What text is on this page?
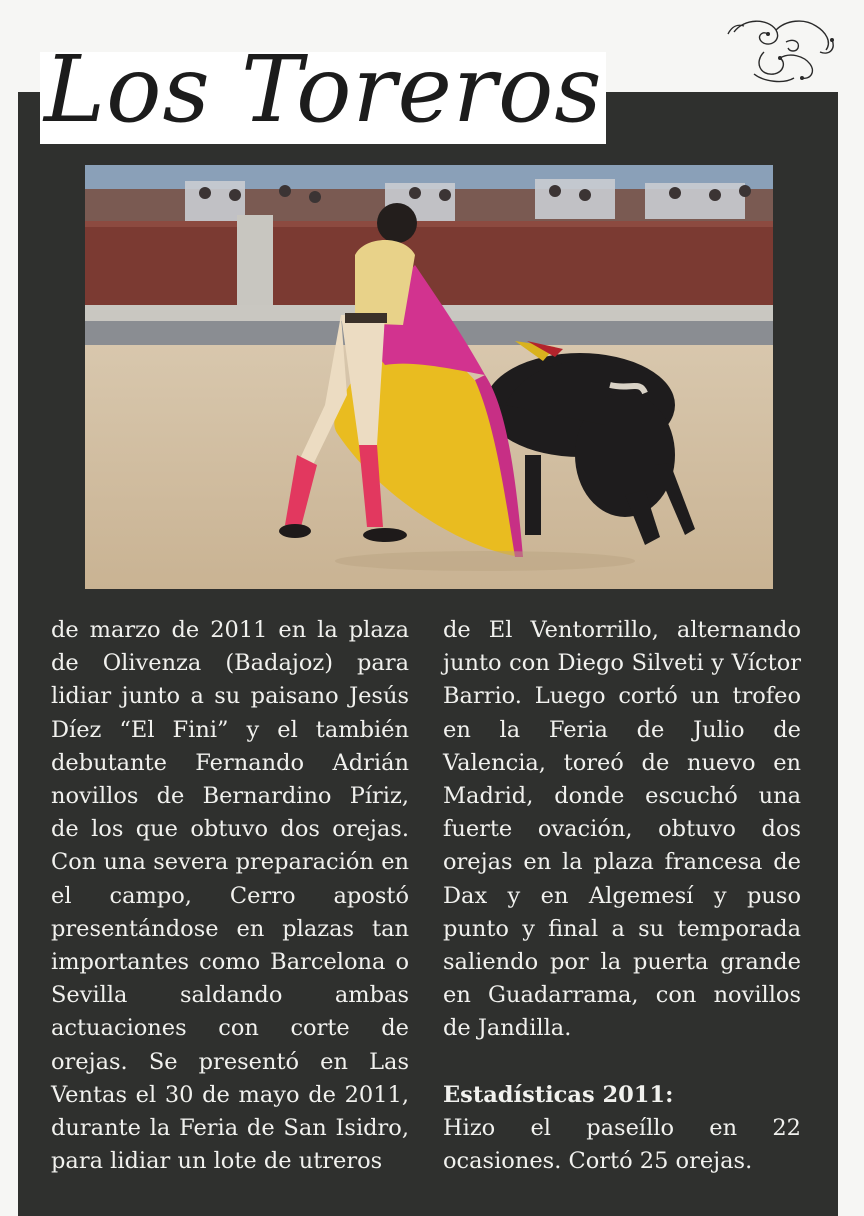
Los Toreros

de marzo de 2011 en la plaza de Olivenza (Badajoz) para lidiar junto a su paisano Jesús Díez “El Fini” y el también debutante Fernando Adrián novillos de Bernardino Píriz, de los que obtuvo dos orejas. Con una severa preparación en el campo, Cerro apostó presentándose en plazas tan importantes como Barcelona o Sevilla saldando ambas actuaciones con corte de orejas. Se presentó en Las Ventas el 30 de mayo de 2011, durante la Feria de San Isidro, para lidiar un lote de utreros

de El Ventorrillo, alternando junto con Diego Silveti y Víctor Barrio. Luego cortó un trofeo en la Feria de Julio de Valencia, toreó de nuevo en Madrid, donde escuchó una fuerte ovación, obtuvo dos orejas en la plaza francesa de Dax y en Algemesí y puso punto y final a su temporada saliendo por la puerta grande en Guadarrama, con novillos de Jandilla.

Estadísticas 2011:

Hizo el paseíllo en 22 ocasiones. Cortó 25 orejas.
